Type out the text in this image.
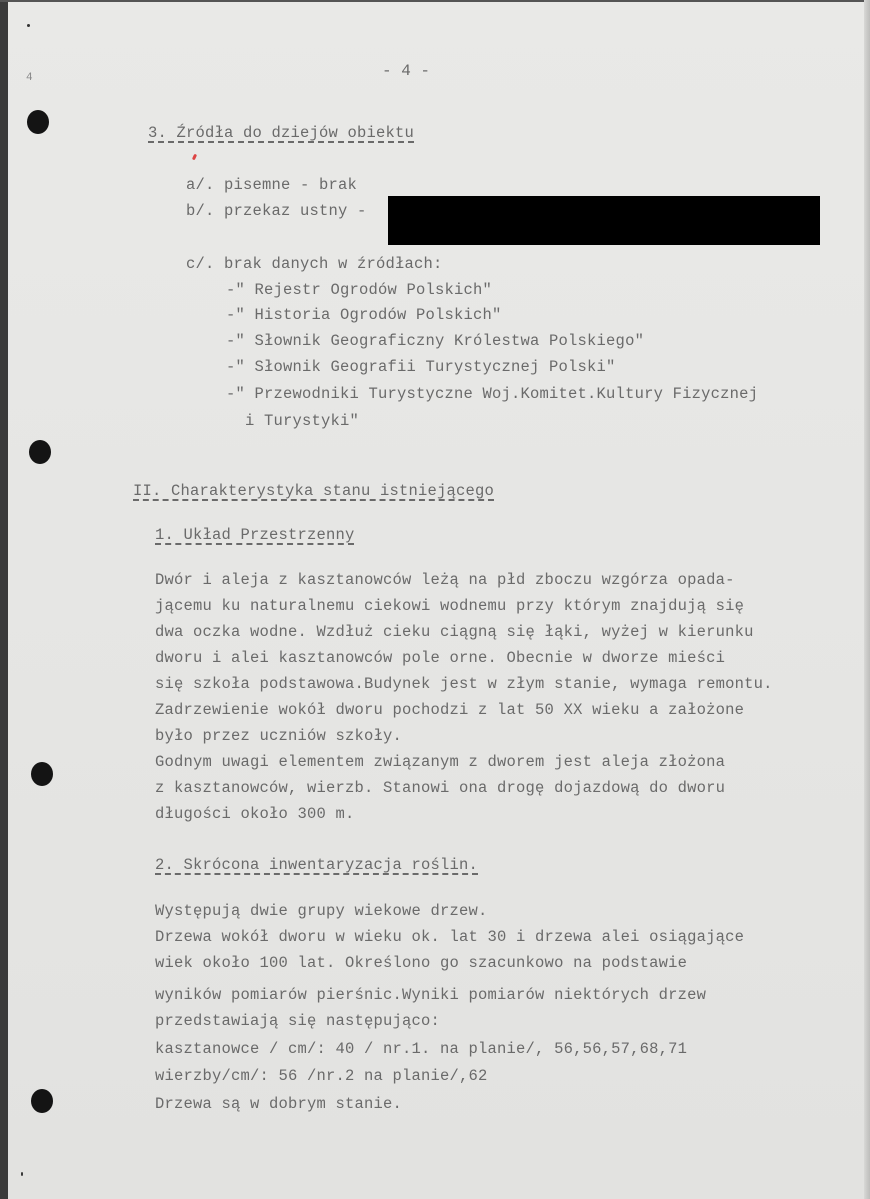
4	- 4 -
3. Źródła do dziejów obiektu
a/. pisemne - brak
b/. przekaz ustny -
c/. brak danych w źródłach:
-" Rejestr Ogrodów Polskich"
-" Historia Ogrodów Polskich"
-" Słownik Geograficzny Królestwa Polskiego"
-" Słownik Geografii Turystycznej Polski"
-" Przewodniki Turystyczne Woj.Komitet.Kultury Fizycznej
i Turystyki"
II. Charakterystyka stanu istniejącego
1. Układ Przestrzenny
Dwór i aleja z kasztanowców leżą na płd zboczu wzgórza opada-
jącemu ku naturalnemu ciekowi wodnemu przy którym znajdują się
dwa oczka wodne. Wzdłuż cieku ciągną się łąki, wyżej w kierunku
dworu i alei kasztanowców pole orne. Obecnie w dworze mieści
się szkoła podstawowa.Budynek jest w złym stanie, wymaga remontu.
Zadrzewienie wokół dworu pochodzi z lat 50 XX wieku a założone
było przez uczniów szkoły.
Godnym uwagi elementem związanym z dworem jest aleja złożona
z kasztanowców, wierzb. Stanowi ona drogę dojazdową do dworu
długości około 300 m.
2. Skrócona inwentaryzacja roślin.
Występują dwie grupy wiekowe drzew.
Drzewa wokół dworu w wieku ok. lat 30 i drzewa alei osiągające
wiek około 100 lat. Określono go szacunkowo na podstawie
wyników pomiarów pierśnic.Wyniki pomiarów niektórych drzew
przedstawiają się następująco:
kasztanowce / cm/: 40 / nr.1. na planie/, 56,56,57,68,71
wierzby/cm/: 56 /nr.2 na planie/,62
Drzewa są w dobrym stanie.
